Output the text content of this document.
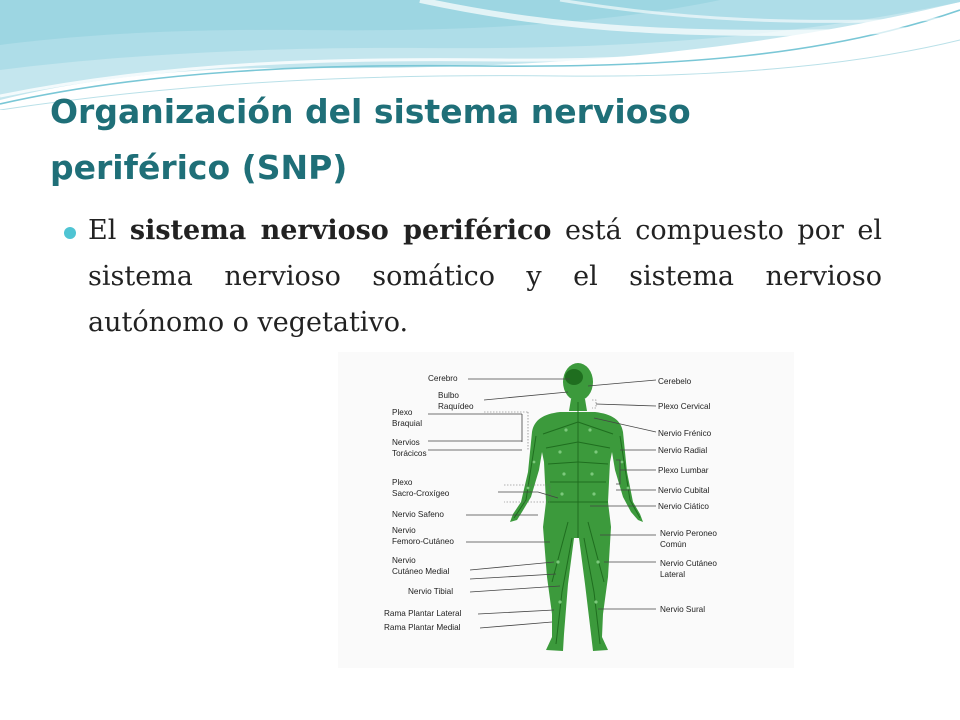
Organización del sistema nervioso
periférico (SNP)

El sistema nervioso periférico está compuesto por el sistema nervioso somático y el sistema nervioso autónomo o vegetativo.

Cerebro
Bulbo Raquídeo
Plexo Braquial
Nervios Torácicos
Plexo Sacro-Croxígeo
Nervio Safeno
Nervio Femoro-Cutáneo
Nervio Cutáneo Medial
Nervio Tibial
Rama Plantar Lateral
Rama Plantar Medial
Cerebelo
Plexo Cervical
Nervio Frénico
Nervio Radial
Plexo Lumbar
Nervio Cubital
Nervio Ciático
Nervio Peroneo Común
Nervio Cutáneo Lateral
Nervio Sural
